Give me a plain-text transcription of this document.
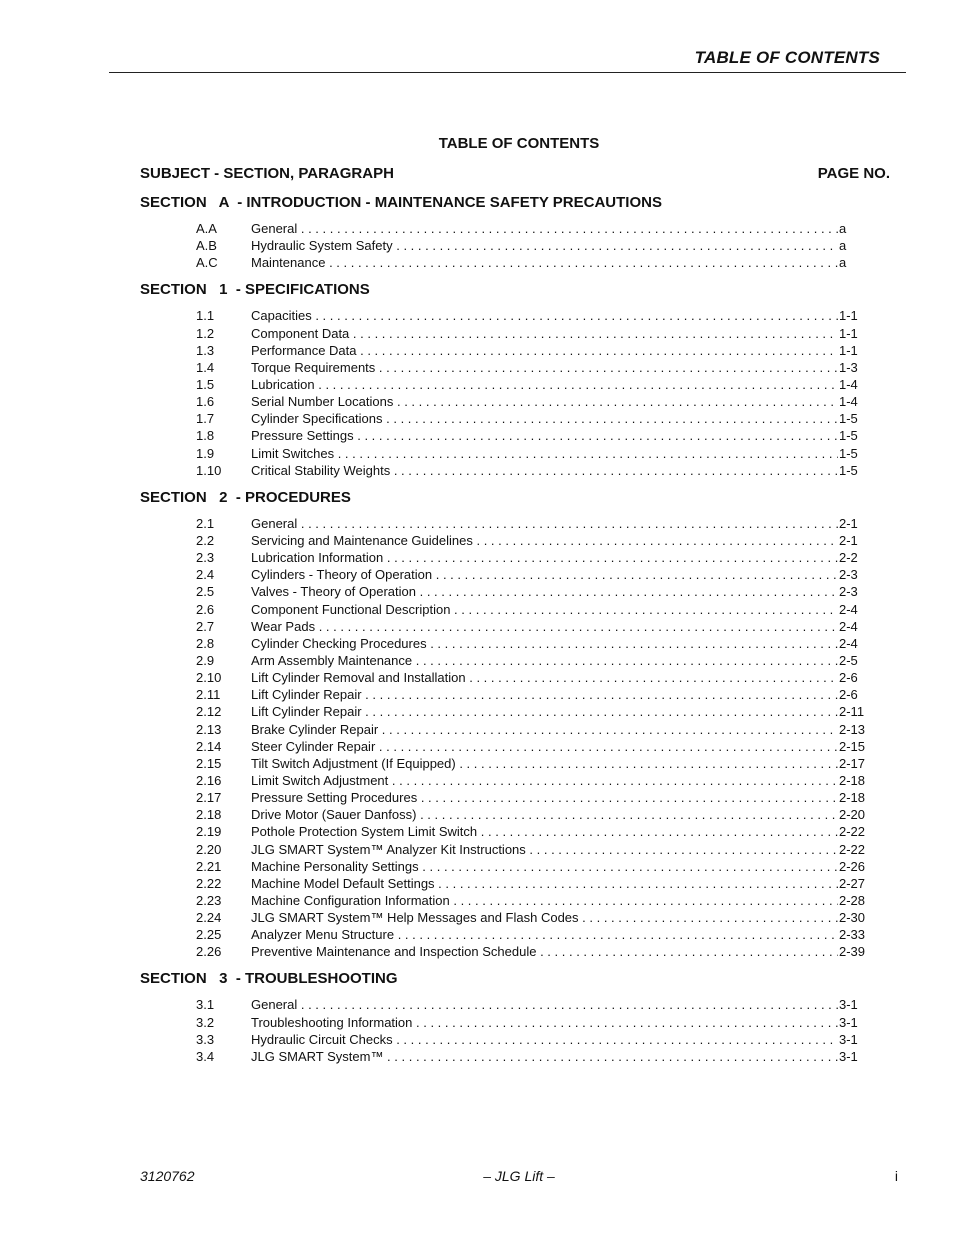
TABLE OF CONTENTS
TABLE OF CONTENTS
SUBJECT - SECTION, PARAGRAPH	PAGE NO.
SECTION   A  - INTRODUCTION - MAINTENANCE SAFETY PRECAUTIONS
A.A	General . . .	a
A.B	Hydraulic System Safety . . .	a
A.C	Maintenance . . .	a
SECTION   1  - SPECIFICATIONS
1.1	Capacities . . .	1-1
1.2	Component Data . . .	1-1
1.3	Performance Data . . .	1-1
1.4	Torque Requirements . . .	1-3
1.5	Lubrication . . .	1-4
1.6	Serial Number Locations . . .	1-4
1.7	Cylinder Specifications . . .	1-5
1.8	Pressure Settings . . .	1-5
1.9	Limit Switches . . .	1-5
1.10 Critical Stability Weights . . .	1-5
SECTION   2  - PROCEDURES
2.1	General . . .	2-1
2.2	Servicing and Maintenance Guidelines . . .	2-1
2.3	Lubrication Information . . .	2-2
2.4	Cylinders - Theory of Operation . . .	2-3
2.5	Valves - Theory of Operation . . .	2-3
2.6	Component Functional Description . . .	2-4
2.7	Wear Pads . . .	2-4
2.8	Cylinder Checking Procedures . . .	2-4
2.9	Arm Assembly Maintenance . . .	2-5
2.10 Lift Cylinder Removal and Installation . . .	2-6
2.11 Lift Cylinder Repair . . .	2-6
2.12 Lift Cylinder Repair . . .	2-11
2.13 Brake Cylinder Repair . . .	2-13
2.14 Steer Cylinder Repair . . .	2-15
2.15 Tilt Switch Adjustment (If Equipped) . . .	2-17
2.16 Limit Switch Adjustment . . .	2-18
2.17 Pressure Setting Procedures . . .	2-18
2.18 Drive Motor (Sauer Danfoss) . . .	2-20
2.19 Pothole Protection System Limit Switch . . .	2-22
2.20 JLG SMART System™ Analyzer Kit Instructions . . .	2-22
2.21 Machine Personality Settings . . .	2-26
2.22 Machine Model Default Settings . . .	2-27
2.23 Machine Configuration Information . . .	2-28
2.24 JLG SMART System™ Help Messages and Flash Codes . . .	2-30
2.25 Analyzer Menu Structure . . .	2-33
2.26 Preventive Maintenance and Inspection Schedule . . .	2-39
SECTION   3  - TROUBLESHOOTING
3.1	General . . .	3-1
3.2	Troubleshooting Information . . .	3-1
3.3	Hydraulic Circuit Checks . . .	3-1
3.4	JLG SMART System™ . . .	3-1
3120762	– JLG Lift –	i
